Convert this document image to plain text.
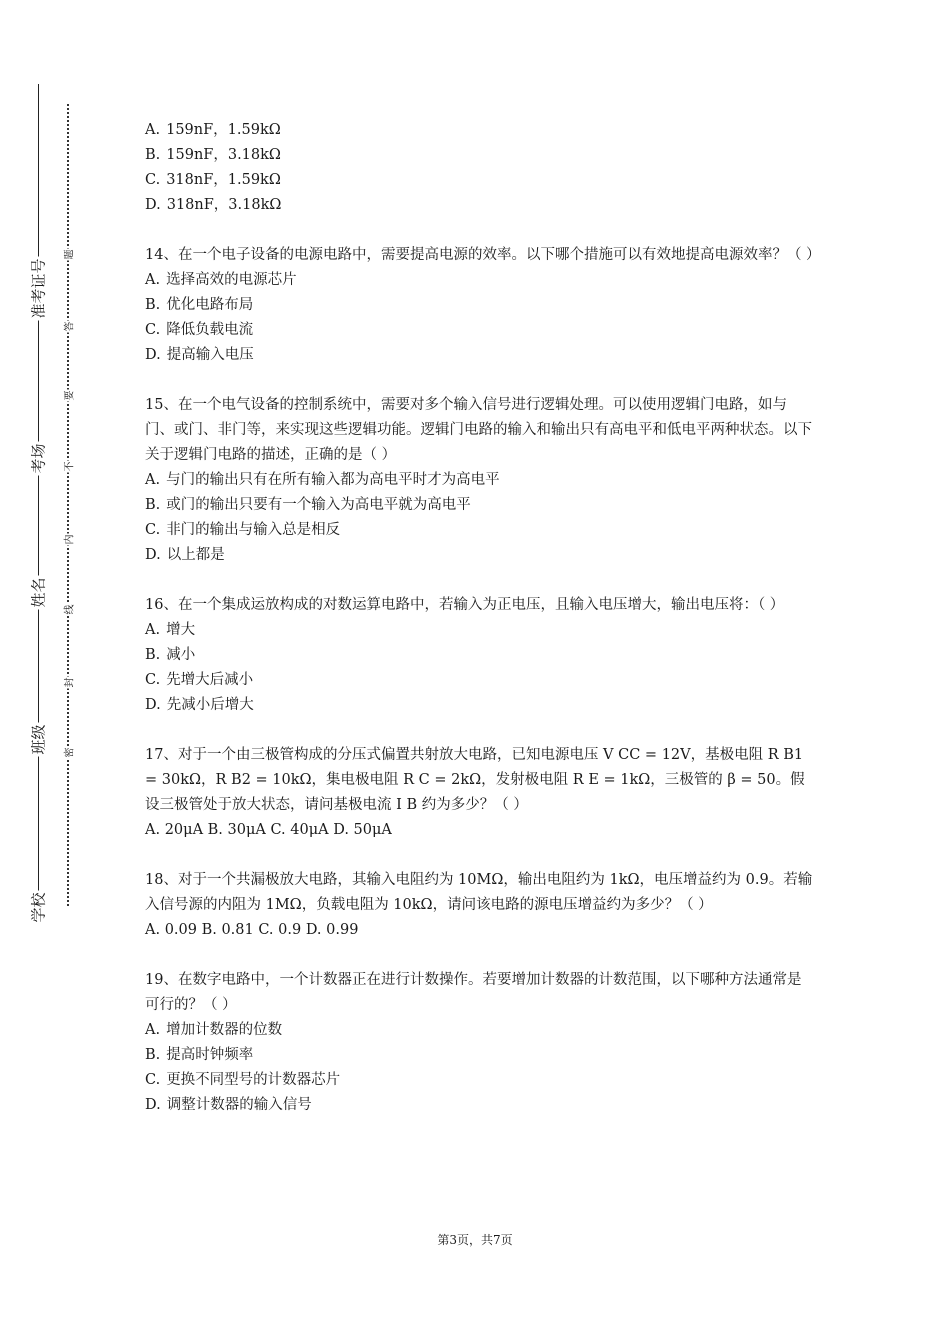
准考证号
考场
姓名
班级
学校
题
答
要
不
内
线
封
密

A. 159nF，1.59kΩ

B. 159nF，3.18kΩ

C. 318nF，1.59kΩ

D. 318nF，3.18kΩ

14、在一个电子设备的电源电路中，需要提高电源的效率。以下哪个措施可以有效地提高电源效率？（ ）

A. 选择高效的电源芯片

B. 优化电路布局

C. 降低负载电流

D. 提高输入电压

15、在一个电气设备的控制系统中，需要对多个输入信号进行逻辑处理。可以使用逻辑门电路，如与门、或门、非门等，来实现这些逻辑功能。逻辑门电路的输入和输出只有高电平和低电平两种状态。以下关于逻辑门电路的描述，正确的是（ ）

A. 与门的输出只有在所有输入都为高电平时才为高电平

B. 或门的输出只要有一个输入为高电平就为高电平

C. 非门的输出与输入总是相反

D. 以上都是

16、在一个集成运放构成的对数运算电路中，若输入为正电压，且输入电压增大，输出电压将：（ ）

A. 增大

B. 减小

C. 先增大后减小

D. 先减小后增大

17、对于一个由三极管构成的分压式偏置共射放大电路，已知电源电压 V CC = 12V，基极电阻 R B1 = 30kΩ，R B2 = 10kΩ，集电极电阻 R C = 2kΩ，发射极电阻 R E = 1kΩ，三极管的 β = 50。假设三极管处于放大状态，请问基极电流 I B 约为多少？（ ）

A. 20μA B. 30μA C. 40μA D. 50μA

18、对于一个共漏极放大电路，其输入电阻约为 10MΩ，输出电阻约为 1kΩ，电压增益约为 0.9。若输入信号源的内阻为 1MΩ，负载电阻为 10kΩ，请问该电路的源电压增益约为多少？（ ）

A. 0.09 B. 0.81 C. 0.9 D. 0.99

19、在数字电路中，一个计数器正在进行计数操作。若要增加计数器的计数范围，以下哪种方法通常是可行的？（ ）

A. 增加计数器的位数

B. 提高时钟频率

C. 更换不同型号的计数器芯片

D. 调整计数器的输入信号

第3页，共7页
